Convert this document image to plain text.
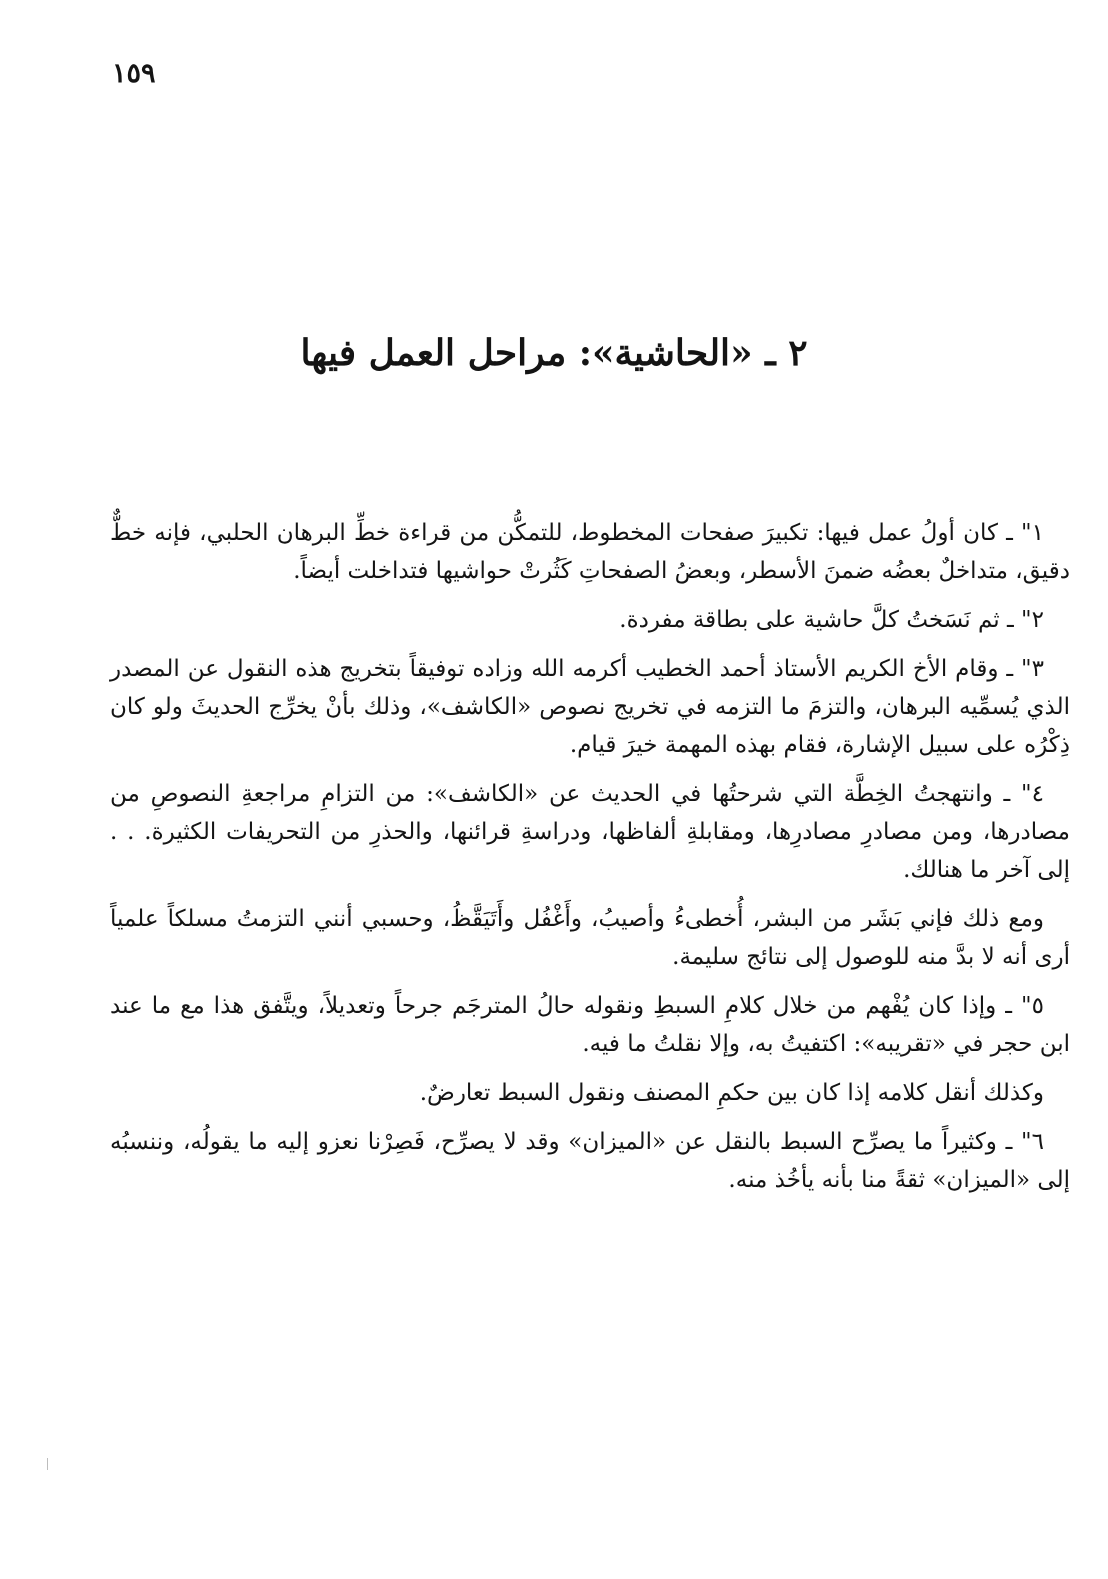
١٥٩
٢ ـ «الحاشية»: مراحل العمل فيها

١" ـ كان أولُ عمل فيها: تكبيرَ صفحات المخطوط، للتمكُّن من قراءة خطِّ البرهان الحلبي، فإنه خطٌّ دقيق، متداخلٌ بعضُه ضمنَ الأسطر، وبعضُ الصفحاتِ كَثُرتْ حواشيها فتداخلت أيضاً.

٢" ـ ثم نَسَختُ كلَّ حاشية على بطاقة مفردة.

٣" ـ وقام الأخ الكريم الأستاذ أحمد الخطيب أكرمه الله وزاده توفيقاً بتخريج هذه النقول عن المصدر الذي يُسمِّيه البرهان، والتزمَ ما التزمه في تخريج نصوص «الكاشف»، وذلك بأنْ يخرِّج الحديثَ ولو كان ذِكْرُه على سبيل الإشارة، فقام بهذه المهمة خيرَ قيام.

٤" ـ وانتهجتُ الخِطَّة التي شرحتُها في الحديث عن «الكاشف»: من التزامِ مراجعةِ النصوصِ من مصادرها، ومن مصادرِ مصادرِها، ومقابلةِ ألفاظها، ودراسةِ قرائنها، والحذرِ من التحريفات الكثيرة. . . إلى آخر ما هنالك.

ومع ذلك فإني بَشَر من البشر، أُخطىءُ وأصيبُ، وأَغْفُل وأَتَيَقَّظُ، وحسبي أنني التزمتُ مسلكاً علمياً أرى أنه لا بدَّ منه للوصول إلى نتائج سليمة.

٥" ـ وإذا كان يُفْهم من خلال كلامِ السبطِ ونقوله حالُ المترجَم جرحاً وتعديلاً، ويتَّفق هذا مع ما عند ابن حجر في «تقريبه»: اكتفيتُ به، وإلا نقلتُ ما فيه.

وكذلك أنقل كلامه إذا كان بين حكمِ المصنف ونقول السبط تعارضٌ.

٦" ـ وكثيراً ما يصرِّح السبط بالنقل عن «الميزان» وقد لا يصرِّح، فَصِرْنا نعزو إليه ما يقولُه، وننسبُه إلى «الميزان» ثقةً منا بأنه يأخُذ منه.
